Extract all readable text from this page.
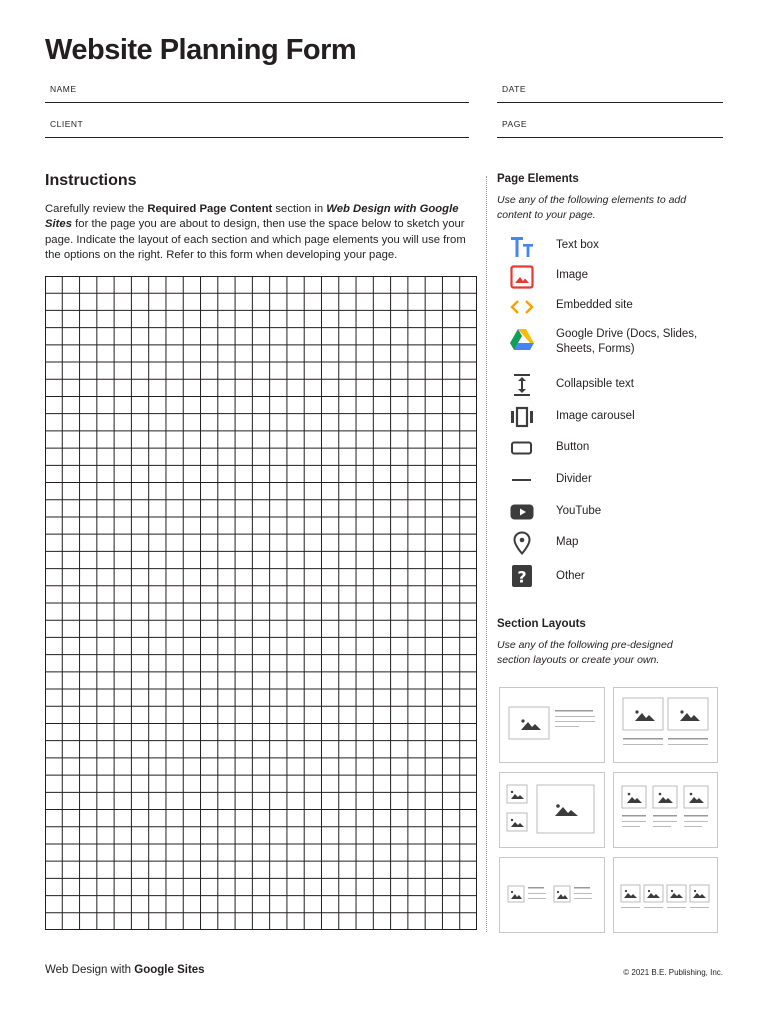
Website Planning Form
NAME	DATE
CLIENT	PAGE
Instructions

Carefully review the Required Page Content section in Web Design with Google Sites for the page you are about to design, then use the space below to sketch your page. Indicate the layout of each section and which page elements you will use from the options on the right. Refer to this form when developing your page.

Page Elements

Use any of the following elements to add content to your page.

Text box
Image
Embedded site
Google Drive (Docs, Slides, Sheets, Forms)
Collapsible text
Image carousel
Button
Divider
YouTube
Map
?	Other
Section Layouts

Use any of the following pre-designed section layouts or create your own.

Web Design with Google Sites	© 2021 B.E. Publishing, Inc.
